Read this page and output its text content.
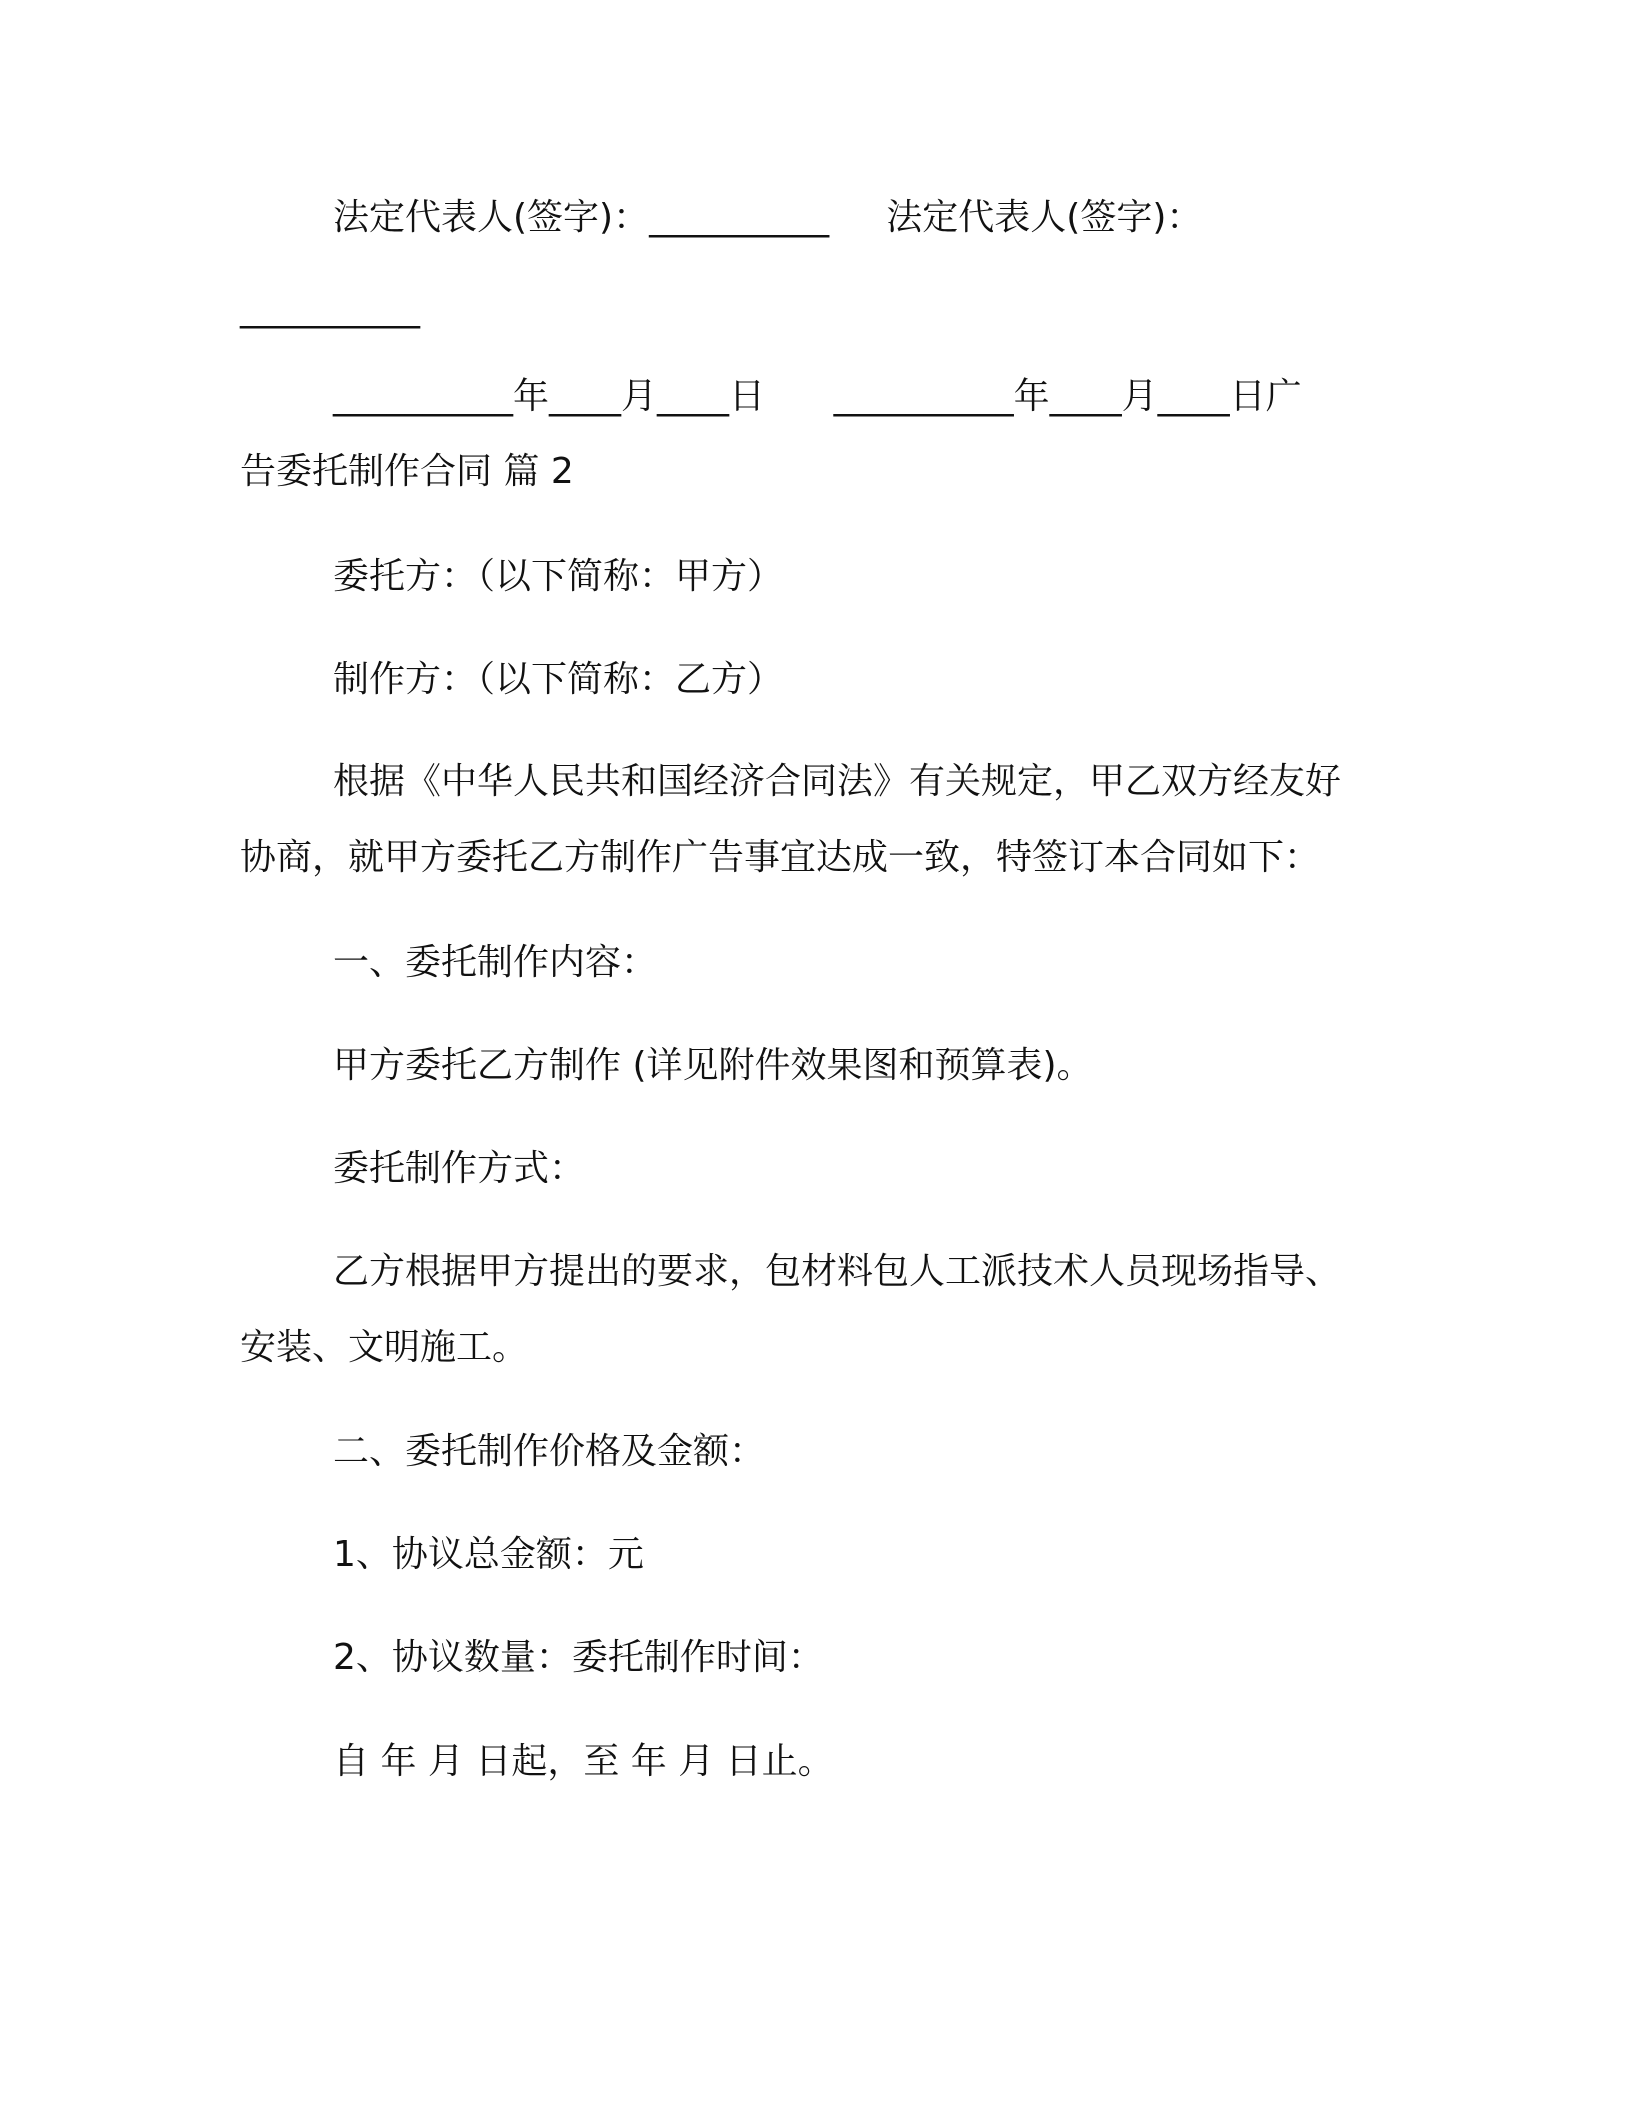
法定代表人(签字)：__________     法定代表人(签字)：
__________
__________年____月____日      __________年____月____日广
告委托制作合同 篇 2
委托方：（以下简称：甲方）
制作方：（以下简称：乙方）
根据《中华人民共和国经济合同法》有关规定，甲乙双方经友好
协商，就甲方委托乙方制作广告事宜达成一致，特签订本合同如下：
一、委托制作内容：
甲方委托乙方制作 (详见附件效果图和预算表)。
委托制作方式：
乙方根据甲方提出的要求，包材料包人工派技术人员现场指导、
安装、文明施工。
二、委托制作价格及金额：
1、协议总金额：元
2、协议数量：委托制作时间：
自 年 月 日起，至 年 月 日止。
